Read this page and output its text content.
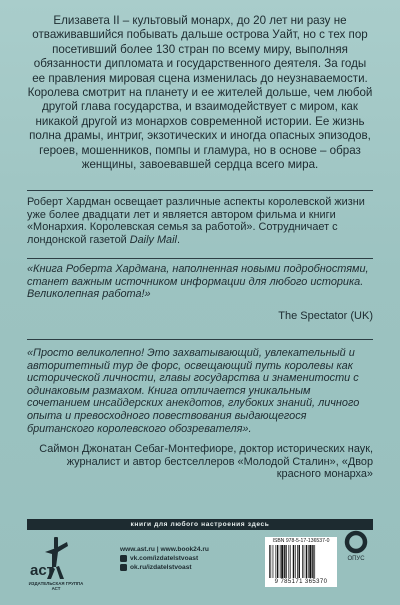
Елизавета II – культовый монарх, до 20 лет ни разу не отваживавшийся побывать дальше острова Уайт, но с тех пор посетивший более 130 стран по всему миру, выполняя обязанности дипломата и государственного деятеля. За годы ее правления мировая сцена изменилась до неузнаваемости. Королева смотрит на планету и ее жителей дольше, чем любой другой глава государства, и взаимодействует с миром, как никакой другой из монархов современной истории. Ее жизнь полна драмы, интриг, экзотических и иногда опасных эпизодов, героев, мошенников, помпы и гламура, но в основе – образ женщины, завоевавшей сердца всего мира.

Роберт Хардман освещает различные аспекты королевской жизни уже более двадцати лет и является автором фильма и книги «Монархия. Королевская семья за работой». Сотрудничает с лондонской газетой Daily Mail.

«Книга Роберта Хардмана, наполненная новыми подробностями, станет важным источником информации для любого историка. Великолепная работа!»

The Spectator (UK)

«Просто великолепно! Это захватывающий, увлекательный и авторитетный тур де форс, освещающий путь королевы как исторической личности, главы государства и знаменитости с одинаковым размахом. Книга отличается уникальным сочетанием инсайдерских анекдотов, глубоких знаний, личного опыта и превосходного повествования выдающегося британского королевского обозревателя».

Саймон Джонатан Себаг-Монтефиоре, доктор исторических наук, журналист и автор бестселлеров «Молодой Сталин», «Двор красного монарха»

книги для любого настроения здесь
аст
ИЗДАТЕЛЬСКАЯ ГРУППА АСТ
www.ast.ru | www.book24.ru
vk.com/izdatelstvoast
ok.ru/izdatelstvoast
ISBN 978-5-17-136537-0
9 785171 365370
ОПУС
